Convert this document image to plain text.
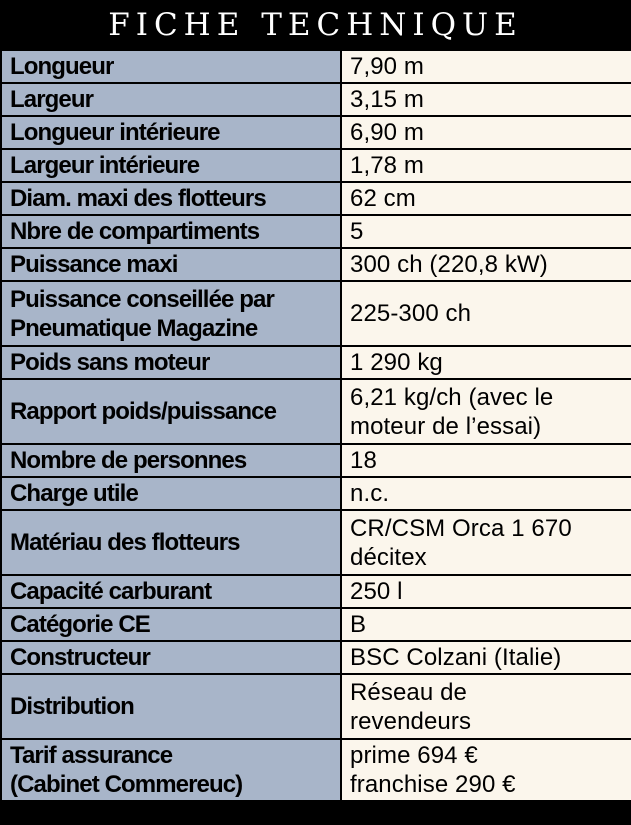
FICHE TECHNIQUE
Longueur	7,90 m

Largeur	3,15 m

Longueur intérieure	6,90 m

Largeur intérieure	1,78 m

Diam. maxi des flotteurs	62 cm

Nbre de compartiments	5

Puissance maxi	300 ch (220,8 kW)

Puissance conseillée par
Pneumatique Magazine	225-300 ch

Poids sans moteur	1 290 kg

Rapport poids/puissance	6,21 kg/ch (avec le
moteur de l’essai)

Nombre de personnes	18

Charge utile	n.c.

Matériau des flotteurs	CR/CSM Orca 1 670
décitex

Capacité carburant	250 l

Catégorie CE	B

Constructeur	BSC Colzani (Italie)

Distribution	Réseau de
revendeurs

Tarif assurance
(Cabinet Commereuc)	prime 694 €
franchise 290 €
